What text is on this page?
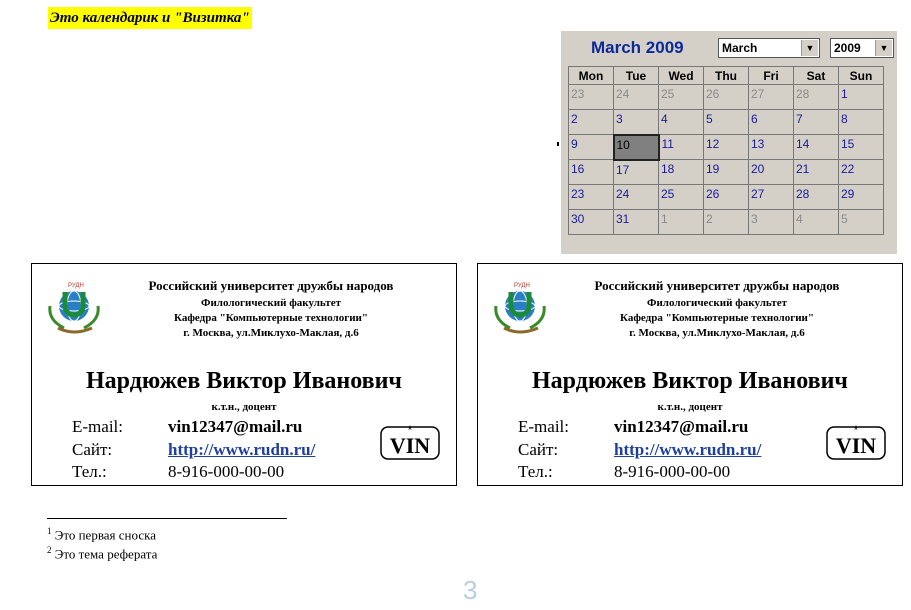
Это календарик и "Визитка"
March 2009	March	▼	2009	▼
Mon	Tue	Wed	Thu	Fri	Sat	Sun
23	24	25	26	27	28	1
2	3	4	5	6	7	8
9	10	11	12	13	14	15
16	17	18	19	20	21	22
23	24	25	26	27	28	29
30	31	1	2	3	4	5
РУДН	Российский университет дружбы народов
Филологический факультет
Кафедра "Компьютерные технологии"
г. Москва, ул.Миклухо-Маклая, д.6
Нардюжев Виктор Иванович
к.т.н., доцент
E-mail:	vin12347@mail.ru
Сайт:	http://www.rudn.ru/
Тел.:	8-916-000-00-00
VIN
*
РУДН	Российский университет дружбы народов
Филологический факультет
Кафедра "Компьютерные технологии"
г. Москва, ул.Миклухо-Маклая, д.6
Нардюжев Виктор Иванович
к.т.н., доцент
E-mail:	vin12347@mail.ru
Сайт:	http://www.rudn.ru/
Тел.:	8-916-000-00-00
VIN
*
$^1$ Это первая сноска
$^2$ Это тема реферата
3
